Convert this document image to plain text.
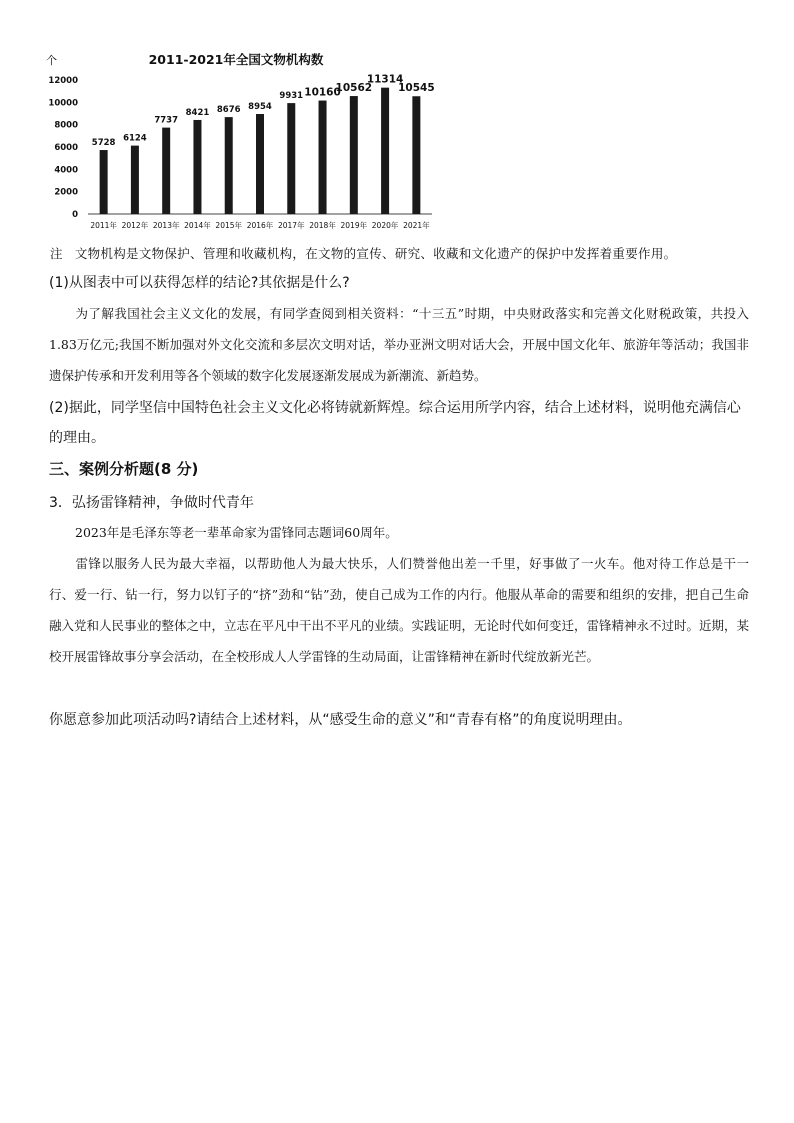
个	2011-2021年全国文物机构数
0
2000
4000
6000
8000
10000
12000
5728
2011年
6124
2012年
7737
2013年
8421
2014年
8676
2015年
8954
2016年
9931
2017年
10160
2018年
10562
2019年
11314
2020年
10545
2021年
注 文物机构是文物保护、管理和收藏机构，在文物的宣传、研究、收藏和文化遗产的保护中发挥着重要作用。
(1)从图表中可以获得怎样的结论?其依据是什么?
为了解我国社会主义文化的发展，有同学查阅到相关资料：“十三五”时期，中央财政落实和完善文化财税政策，共投入1.83万亿元;我国不断加强对外文化交流和多层次文明对话，举办亚洲文明对话大会，开展中国文化年、旅游年等活动；我国非遗保护传承和开发利用等各个领域的数字化发展逐渐发展成为新潮流、新趋势。
(2)据此，同学坚信中国特色社会主义文化必将铸就新辉煌。综合运用所学内容，结合上述材料，说明他充满信心的理由。
三、案例分析题(8 分)
3．弘扬雷锋精神，争做时代青年
2023年是毛泽东等老一辈革命家为雷锋同志题词60周年。
雷锋以服务人民为最大幸福，以帮助他人为最大快乐，人们赞誉他出差一千里，好事做了一火车。他对待工作总是干一行、爱一行、钻一行，努力以钉子的“挤”劲和“钻”劲，使自己成为工作的内行。他服从革命的需要和组织的安排，把自己生命融入党和人民事业的整体之中，立志在平凡中干出不平凡的业绩。实践证明，无论时代如何变迁，雷锋精神永不过时。近期，某校开展雷锋故事分享会活动，在全校形成人人学雷锋的生动局面，让雷锋精神在新时代绽放新光芒。
你愿意参加此项活动吗?请结合上述材料，从“感受生命的意义”和“青春有格”的角度说明理由。
